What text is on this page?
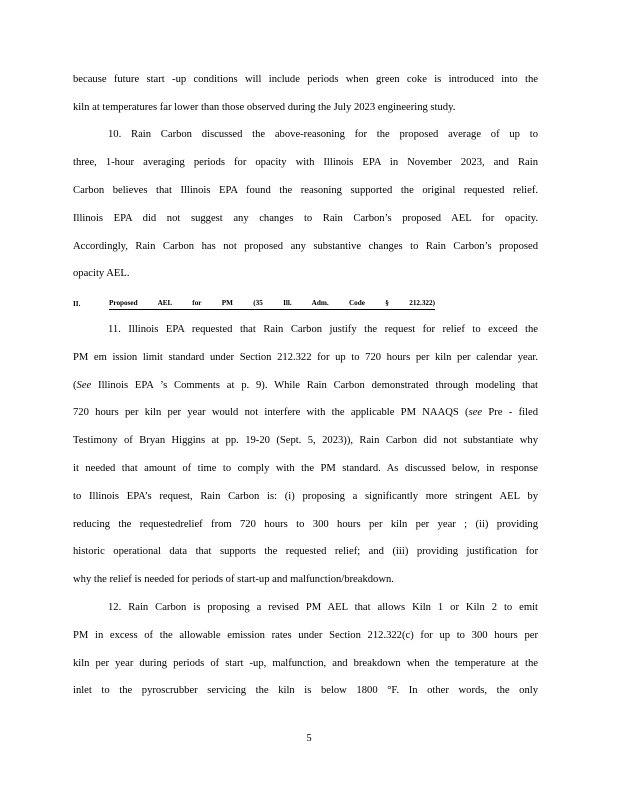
because future start -up conditions will include periods when green coke is introduced into the
kiln at temperatures far lower than those observed during the July 2023 engineering study.
10. Rain Carbon discussed the above-reasoning for the proposed average of up to
three, 1-hour averaging periods for opacity with Illinois EPA in November 2023, and Rain
Carbon believes that Illinois EPA found the reasoning supported the original requested relief.
Illinois EPA did not suggest any changes to Rain Carbon’s proposed AEL for opacity.
Accordingly, Rain Carbon has not proposed any substantive changes to Rain Carbon’s proposed
opacity AEL.
II.	Proposed AEL for PM (35 Ill. Adm. Code § 212.322)
11. Illinois EPA requested that Rain Carbon justify the request for relief to exceed the
PM em ission limit standard under Section 212.322 for up to 720 hours per kiln per calendar year.
(See Illinois EPA ’s Comments at p. 9). While Rain Carbon demonstrated through modeling that
720 hours per kiln per year would not interfere with the applicable PM NAAQS (see Pre - filed
Testimony of Bryan Higgins at pp. 19-20 (Sept. 5, 2023)), Rain Carbon did not substantiate why
it needed that amount of time to comply with the PM standard. As discussed below, in response
to Illinois EPA’s request, Rain Carbon is: (i) proposing a significantly more stringent AEL by
reducing the requestedrelief from 720 hours to 300 hours per kiln per year ; (ii) providing
historic operational data that supports the requested relief; and (iii) providing justification for
why the relief is needed for periods of start-up and malfunction/breakdown.
12. Rain Carbon is proposing a revised PM AEL that allows Kiln 1 or Kiln 2 to emit
PM in excess of the allowable emission rates under Section 212.322(c) for up to 300 hours per
kiln per year during periods of start -up, malfunction, and breakdown when the temperature at the
inlet to the pyroscrubber servicing the kiln is below 1800 °F. In other words, the only
5
